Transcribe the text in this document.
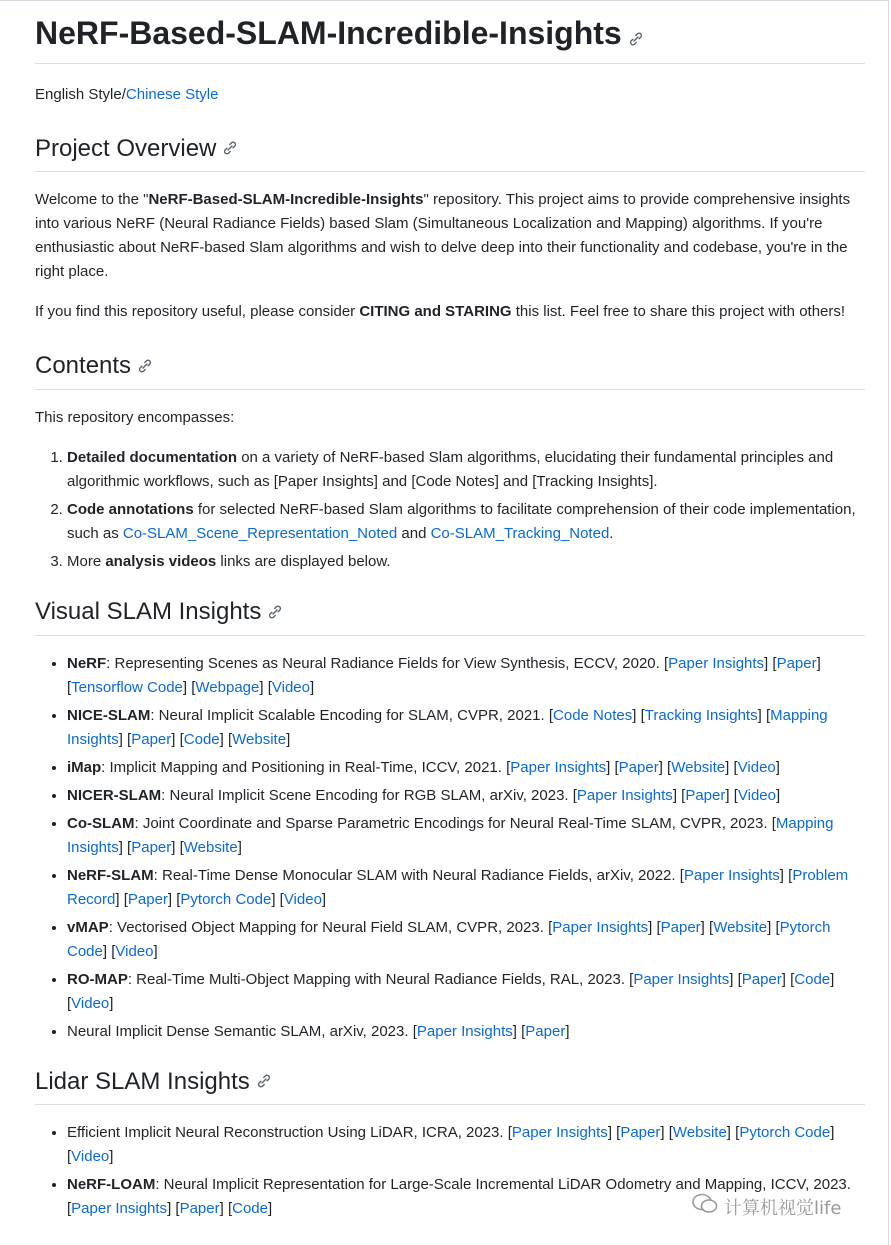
NeRF-Based-SLAM-Incredible-Insights

English Style/Chinese Style

Project Overview

Welcome to the "NeRF-Based-SLAM-Incredible-Insights" repository. This project aims to provide comprehensive insights into various NeRF (Neural Radiance Fields) based Slam (Simultaneous Localization and Mapping) algorithms. If you're enthusiastic about NeRF-based Slam algorithms and wish to delve deep into their functionality and codebase, you're in the right place.

If you find this repository useful, please consider CITING and STARING this list. Feel free to share this project with others!

Contents

This repository encompasses:

1. Detailed documentation on a variety of NeRF-based Slam algorithms, elucidating their fundamental principles and algorithmic workflows, such as [Paper Insights] and [Code Notes] and [Tracking Insights].
2. Code annotations for selected NeRF-based Slam algorithms to facilitate comprehension of their code implementation, such as Co-SLAM_Scene_Representation_Noted and Co-SLAM_Tracking_Noted.
3. More analysis videos links are displayed below.
Visual SLAM Insights
• NeRF: Representing Scenes as Neural Radiance Fields for View Synthesis, ECCV, 2020. [Paper Insights] [Paper] [Tensorflow Code] [Webpage] [Video]
• NICE-SLAM: Neural Implicit Scalable Encoding for SLAM, CVPR, 2021. [Code Notes] [Tracking Insights] [Mapping Insights] [Paper] [Code] [Website]
• iMap: Implicit Mapping and Positioning in Real-Time, ICCV, 2021. [Paper Insights] [Paper] [Website] [Video]
• NICER-SLAM: Neural Implicit Scene Encoding for RGB SLAM, arXiv, 2023. [Paper Insights] [Paper] [Video]
• Co-SLAM: Joint Coordinate and Sparse Parametric Encodings for Neural Real-Time SLAM, CVPR, 2023. [Mapping Insights] [Paper] [Website]
• NeRF-SLAM: Real-Time Dense Monocular SLAM with Neural Radiance Fields, arXiv, 2022. [Paper Insights] [Problem Record] [Paper] [Pytorch Code] [Video]
• vMAP: Vectorised Object Mapping for Neural Field SLAM, CVPR, 2023. [Paper Insights] [Paper] [Website] [Pytorch Code] [Video]
• RO-MAP: Real-Time Multi-Object Mapping with Neural Radiance Fields, RAL, 2023. [Paper Insights] [Paper] [Code] [Video]
• Neural Implicit Dense Semantic SLAM, arXiv, 2023. [Paper Insights] [Paper]
Lidar SLAM Insights
• Efficient Implicit Neural Reconstruction Using LiDAR, ICRA, 2023. [Paper Insights] [Paper] [Website] [Pytorch Code] [Video]
• NeRF-LOAM: Neural Implicit Representation for Large-Scale Incremental LiDAR Odometry and Mapping, ICCV, 2023. [Paper Insights] [Paper] [Code]	计算机视觉life
